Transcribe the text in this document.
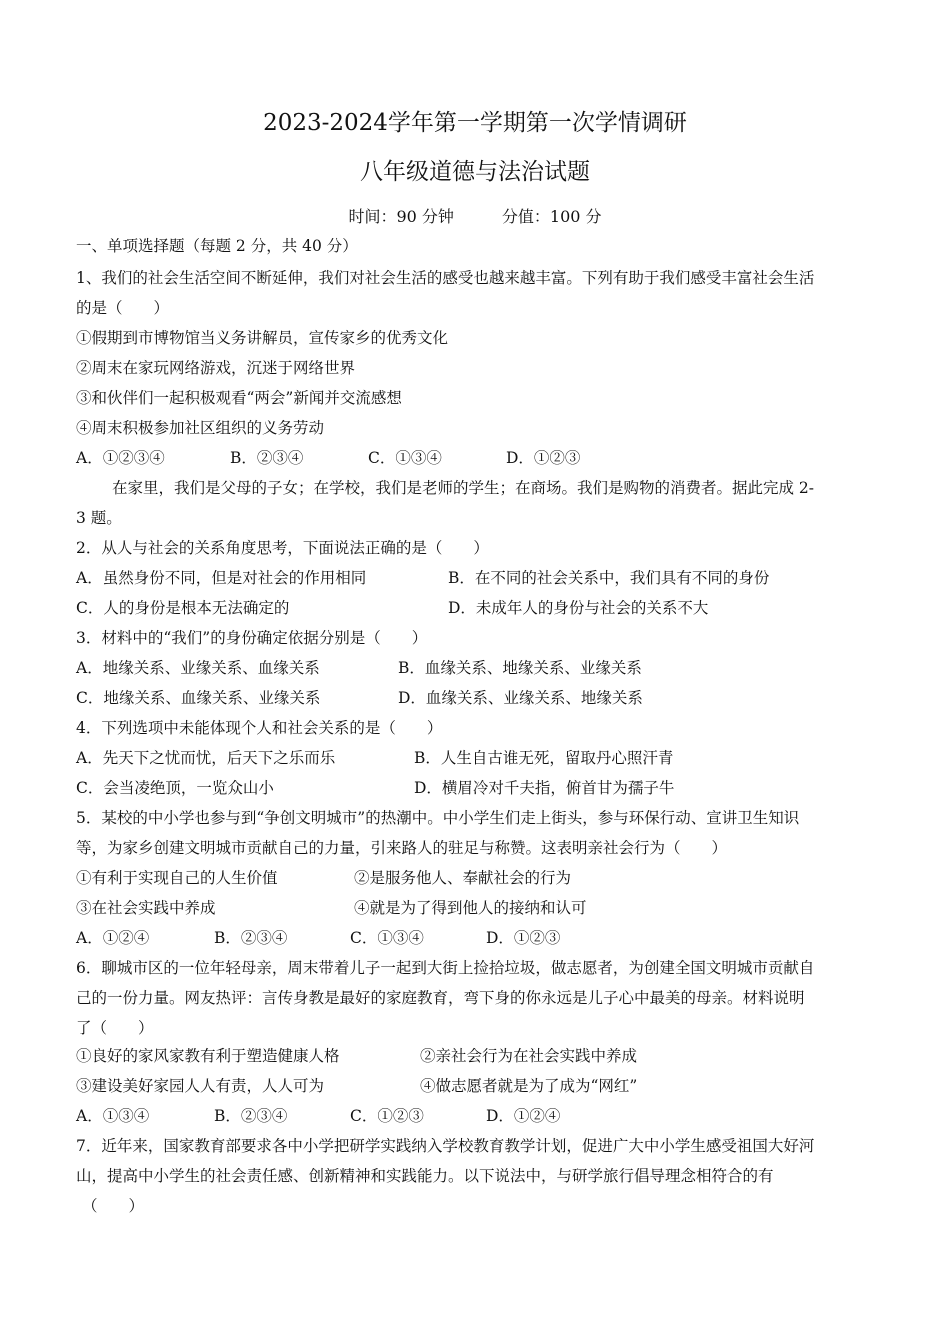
2023-2024学年第一学期第一次学情调研
八年级道德与法治试题
时间：90 分钟	分值：100 分
一、单项选择题（每题 2 分，共 40 分）
1、我们的社会生活空间不断延伸，我们对社会生活的感受也越来越丰富。下列有助于我们感受丰富社会生活
的是（　　）
①假期到市博物馆当义务讲解员，宣传家乡的优秀文化
②周末在家玩网络游戏，沉迷于网络世界
③和伙伴们一起积极观看“两会”新闻并交流感想
④周末积极参加社区组织的义务劳动
A．①②③④	B．②③④	C．①③④	D．①②③
在家里，我们是父母的子女；在学校，我们是老师的学生；在商场。我们是购物的消费者。据此完成 2-
3 题。
2．从人与社会的关系角度思考，下面说法正确的是（　　）
A．虽然身份不同，但是对社会的作用相同	B．在不同的社会关系中，我们具有不同的身份
C．人的身份是根本无法确定的	D．未成年人的身份与社会的关系不大
3．材料中的“我们”的身份确定依据分别是（　　）
A．地缘关系、业缘关系、血缘关系	B．血缘关系、地缘关系、业缘关系
C．地缘关系、血缘关系、业缘关系	D．血缘关系、业缘关系、地缘关系
4．下列选项中未能体现个人和社会关系的是（　　）
A．先天下之忧而忧，后天下之乐而乐	B．人生自古谁无死，留取丹心照汗青
C．会当凌绝顶，一览众山小	D．横眉冷对千夫指，俯首甘为孺子牛
5．某校的中小学也参与到“争创文明城市”的热潮中。中小学生们走上街头，参与环保行动、宣讲卫生知识
等，为家乡创建文明城市贡献自己的力量，引来路人的驻足与称赞。这表明亲社会行为（　　）
①有利于实现自己的人生价值	②是服务他人、奉献社会的行为
③在社会实践中养成	④就是为了得到他人的接纳和认可
A．①②④	B．②③④	C．①③④	D．①②③
6．聊城市区的一位年轻母亲，周末带着儿子一起到大街上捡拾垃圾，做志愿者，为创建全国文明城市贡献自
己的一份力量。网友热评：言传身教是最好的家庭教育，弯下身的你永远是儿子心中最美的母亲。材料说明
了（　　）
①良好的家风家教有利于塑造健康人格	②亲社会行为在社会实践中养成
③建设美好家园人人有责，人人可为	④做志愿者就是为了成为“网红”
A．①③④	B．②③④	C．①②③	D．①②④
7．近年来，国家教育部要求各中小学把研学实践纳入学校教育教学计划，促进广大中小学生感受祖国大好河
山，提高中小学生的社会责任感、创新精神和实践能力。以下说法中，与研学旅行倡导理念相符合的有
（　　）
